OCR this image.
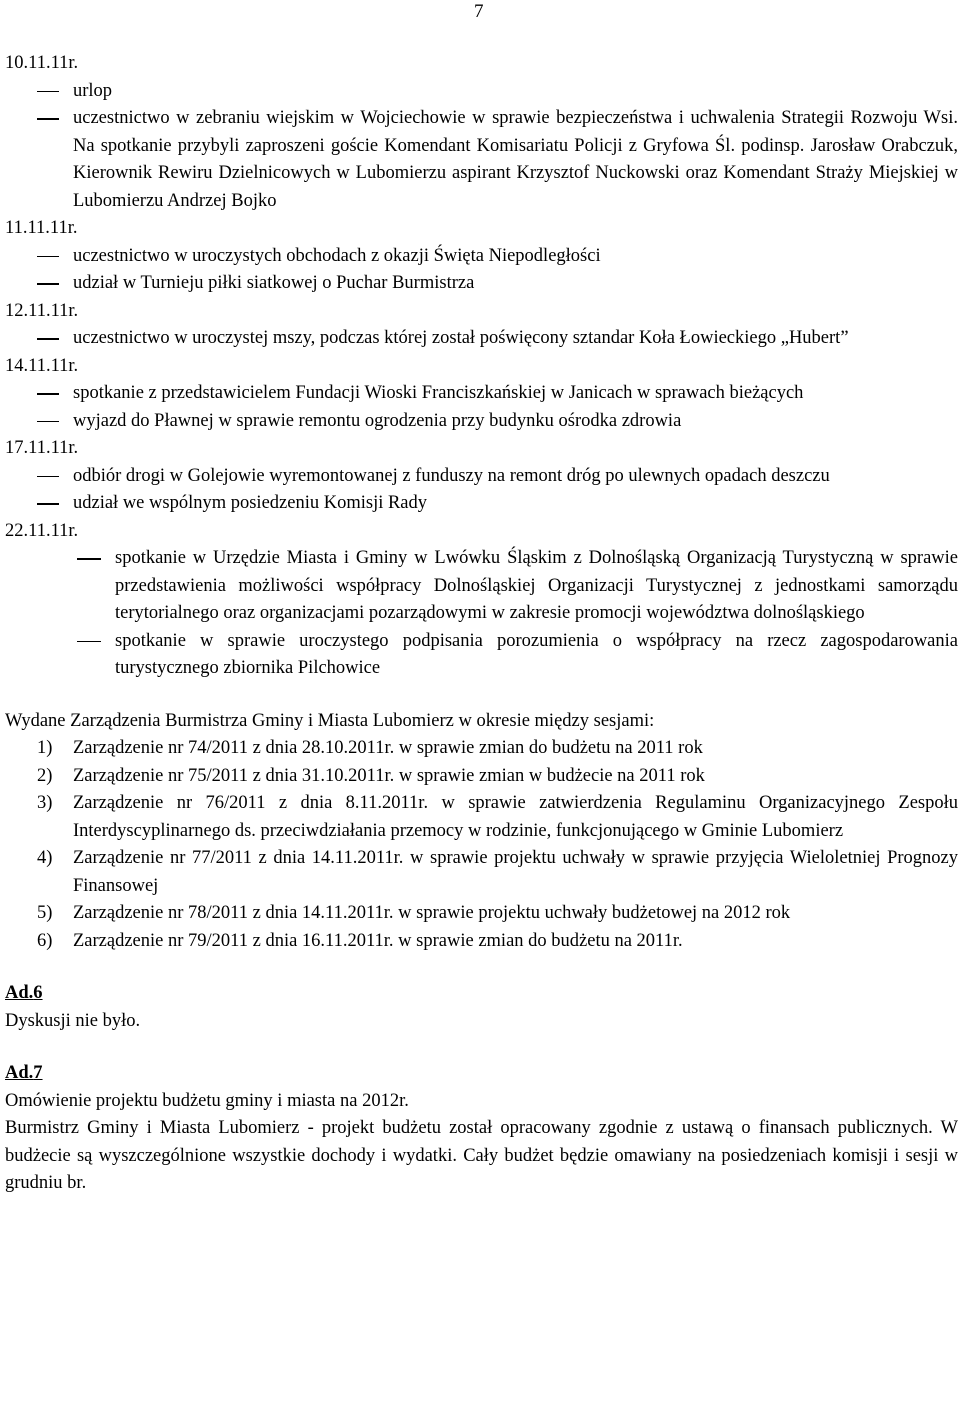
7
10.11.11r.
urlop
uczestnictwo w zebraniu wiejskim w Wojciechowie w sprawie bezpieczeństwa i uchwalenia Strategii Rozwoju Wsi. Na spotkanie przybyli zaproszeni goście Komendant Komisariatu Policji z Gryfowa Śl. podinsp. Jarosław Orabczuk, Kierownik Rewiru Dzielnicowych w Lubomierzu aspirant Krzysztof Nuckowski oraz Komendant Straży Miejskiej w Lubomierzu Andrzej Bojko
11.11.11r.
uczestnictwo w uroczystych obchodach z okazji Święta Niepodległości
udział w Turnieju piłki siatkowej o Puchar Burmistrza
12.11.11r.
uczestnictwo w uroczystej mszy, podczas której został poświęcony sztandar Koła Łowieckiego „Hubert”
14.11.11r.
spotkanie z przedstawicielem Fundacji Wioski Franciszkańskiej w Janicach w sprawach bieżących
wyjazd do Pławnej w sprawie remontu ogrodzenia przy budynku ośrodka zdrowia
17.11.11r.
odbiór drogi w Golejowie wyremontowanej z funduszy na remont dróg po ulewnych opadach deszczu
udział we wspólnym posiedzeniu Komisji Rady
22.11.11r.
spotkanie w Urzędzie Miasta i Gminy w Lwówku Śląskim z Dolnośląską Organizacją Turystyczną w sprawie przedstawienia możliwości współpracy Dolnośląskiej Organizacji Turystycznej z jednostkami samorządu terytorialnego oraz organizacjami pozarządowymi w zakresie promocji województwa dolnośląskiego
spotkanie w sprawie uroczystego podpisania porozumienia o współpracy na rzecz zagospodarowania turystycznego zbiornika Pilchowice
Wydane Zarządzenia Burmistrza Gminy i Miasta Lubomierz w okresie między sesjami:
1) Zarządzenie nr 74/2011 z dnia 28.10.2011r. w sprawie zmian do budżetu na 2011 rok
2) Zarządzenie nr 75/2011 z dnia 31.10.2011r. w sprawie zmian w budżecie na 2011 rok
3) Zarządzenie nr 76/2011 z dnia 8.11.2011r. w sprawie zatwierdzenia Regulaminu Organizacyjnego Zespołu Interdyscyplinarnego ds. przeciwdziałania przemocy w rodzinie, funkcjonującego w Gminie Lubomierz
4) Zarządzenie nr 77/2011 z dnia 14.11.2011r. w sprawie projektu uchwały w sprawie przyjęcia Wieloletniej Prognozy Finansowej
5) Zarządzenie nr 78/2011 z dnia 14.11.2011r. w sprawie projektu uchwały budżetowej na 2012 rok
6) Zarządzenie nr 79/2011 z dnia 16.11.2011r. w sprawie zmian do budżetu na 2011r.
Ad.6
Dyskusji nie było.
Ad.7
Omówienie projektu budżetu gminy i miasta na 2012r.
Burmistrz Gminy i Miasta Lubomierz - projekt budżetu został opracowany zgodnie z ustawą o finansach publicznych. W budżecie są wyszczególnione wszystkie dochody i wydatki. Cały budżet będzie omawiany na posiedzeniach komisji i sesji w grudniu br.
